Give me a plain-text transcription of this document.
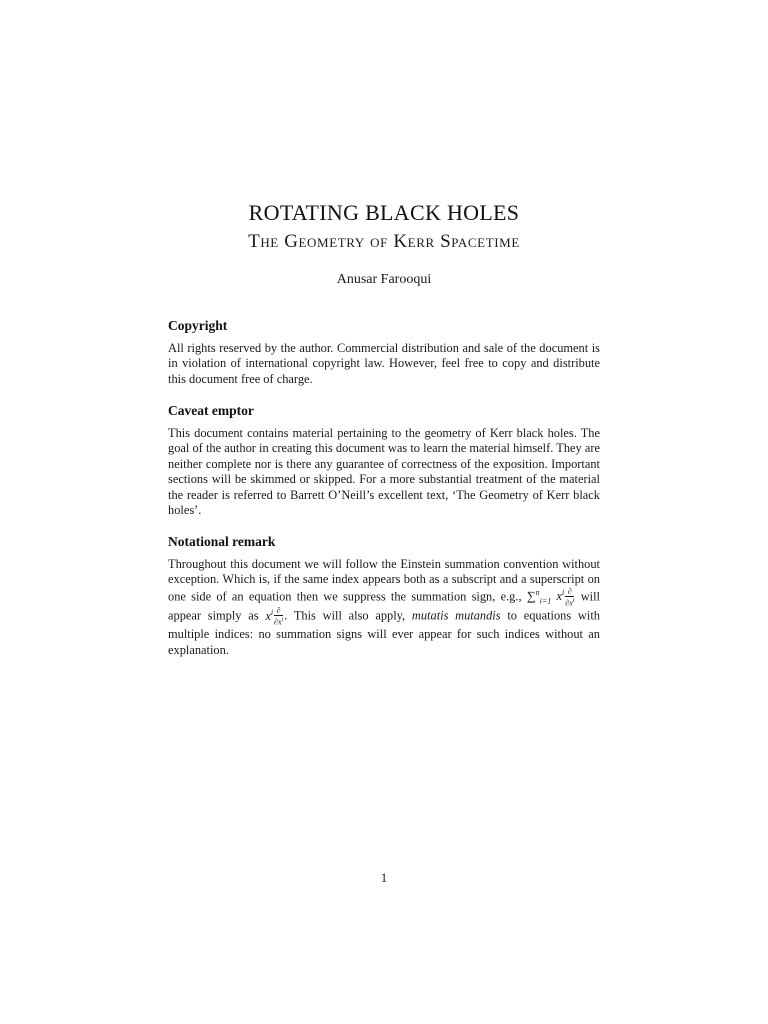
ROTATING BLACK HOLES
The Geometry of Kerr Spacetime
Anusar Farooqui
Copyright

All rights reserved by the author. Commercial distribution and sale of the document is in violation of international copyright law. However, feel free to copy and distribute this document free of charge.

Caveat emptor

This document contains material pertaining to the geometry of Kerr black holes. The goal of the author in creating this document was to learn the material himself. They are neither complete nor is there any guarantee of correctness of the exposition. Important sections will be skimmed or skipped. For a more substantial treatment of the material the reader is referred to Barrett O’Neill’s excellent text, ‘The Geometry of Kerr black holes’.

Notational remark

Throughout this document we will follow the Einstein summation convention without exception. Which is, if the same index appears both as a subscript and a superscript on one side of an equation then we suppress the summation sign, e.g., ∑$^n_{i=1}$ $x^i \frac{\partial}{\partial x^i}$ will appear simply as $x^i \frac{\partial}{\partial x^i}$ . This will also apply, mutatis mutandis to equations with multiple indices: no summation signs will ever appear for such indices without an explanation.

1
